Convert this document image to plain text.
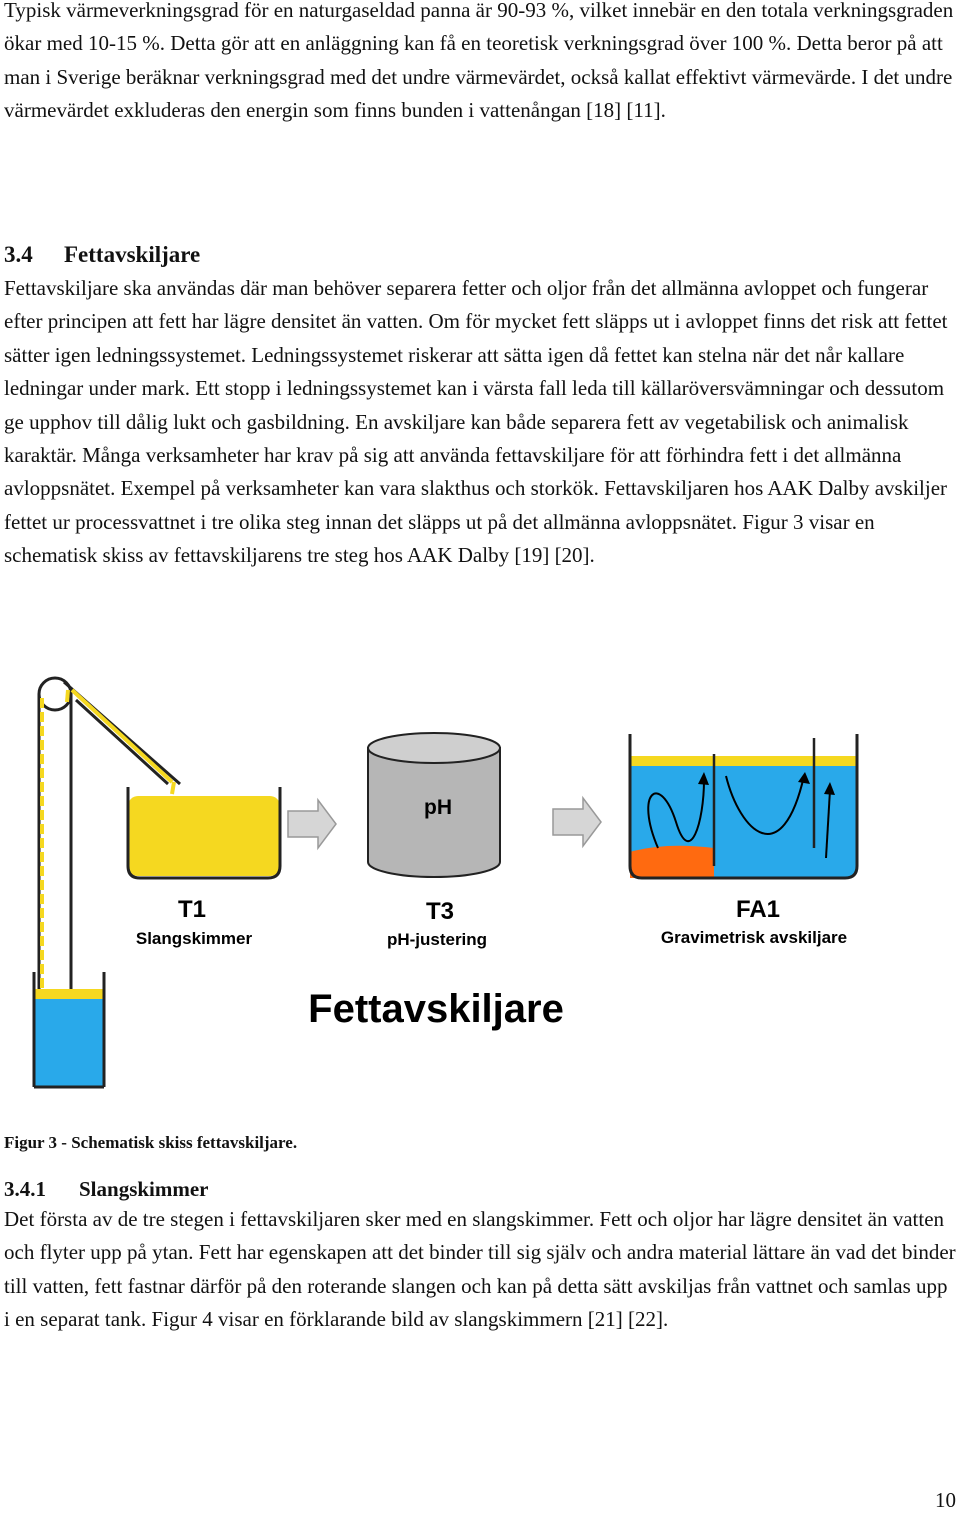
Typisk värmeverkningsgrad för en naturgaseldad panna är 90-93 %, vilket innebär en den totala verkningsgraden ökar med 10-15 %. Detta gör att en anläggning kan få en teoretisk verkningsgrad över 100 %. Detta beror på att man i Sverige beräknar verkningsgrad med det undre värmevärdet, också kallat effektivt värmevärde. I det undre värmevärdet exkluderas den energin som finns bunden i vattenångan [18] [11].

3.4 Fettavskiljare

Fettavskiljare ska användas där man behöver separera fetter och oljor från det allmänna avloppet och fungerar efter principen att fett har lägre densitet än vatten. Om för mycket fett släpps ut i avloppet finns det risk att fettet sätter igen ledningssystemet. Ledningssystemet riskerar att sätta igen då fettet kan stelna när det når kallare ledningar under mark. Ett stopp i ledningssystemet kan i värsta fall leda till källaröversvämningar och dessutom ge upphov till dålig lukt och gasbildning. En avskiljare kan både separera fett av vegetabilisk och animalisk karaktär. Många verksamheter har krav på sig att använda fettavskiljare för att förhindra fett i det allmänna avloppsnätet. Exempel på verksamheter kan vara slakthus och storkök. Fettavskiljaren hos AAK Dalby avskiljer fettet ur processvattnet i tre olika steg innan det släpps ut på det allmänna avloppsnätet. Figur 3 visar en schematisk skiss av fettavskiljarens tre steg hos AAK Dalby [19] [20].

pH
T1
Slangskimmer
T3
pH-justering
FA1
Gravimetrisk avskiljare
Fettavskiljare

Figur 3 - Schematisk skiss fettavskiljare.

3.4.1 Slangskimmer

Det första av de tre stegen i fettavskiljaren sker med en slangskimmer. Fett och oljor har lägre densitet än vatten och flyter upp på ytan. Fett har egenskapen att det binder till sig själv och andra material lättare än vad det binder till vatten, fett fastnar därför på den roterande slangen och kan på detta sätt avskiljas från vattnet och samlas upp i en separat tank. Figur 4 visar en förklarande bild av slangskimmern [21] [22].

10
